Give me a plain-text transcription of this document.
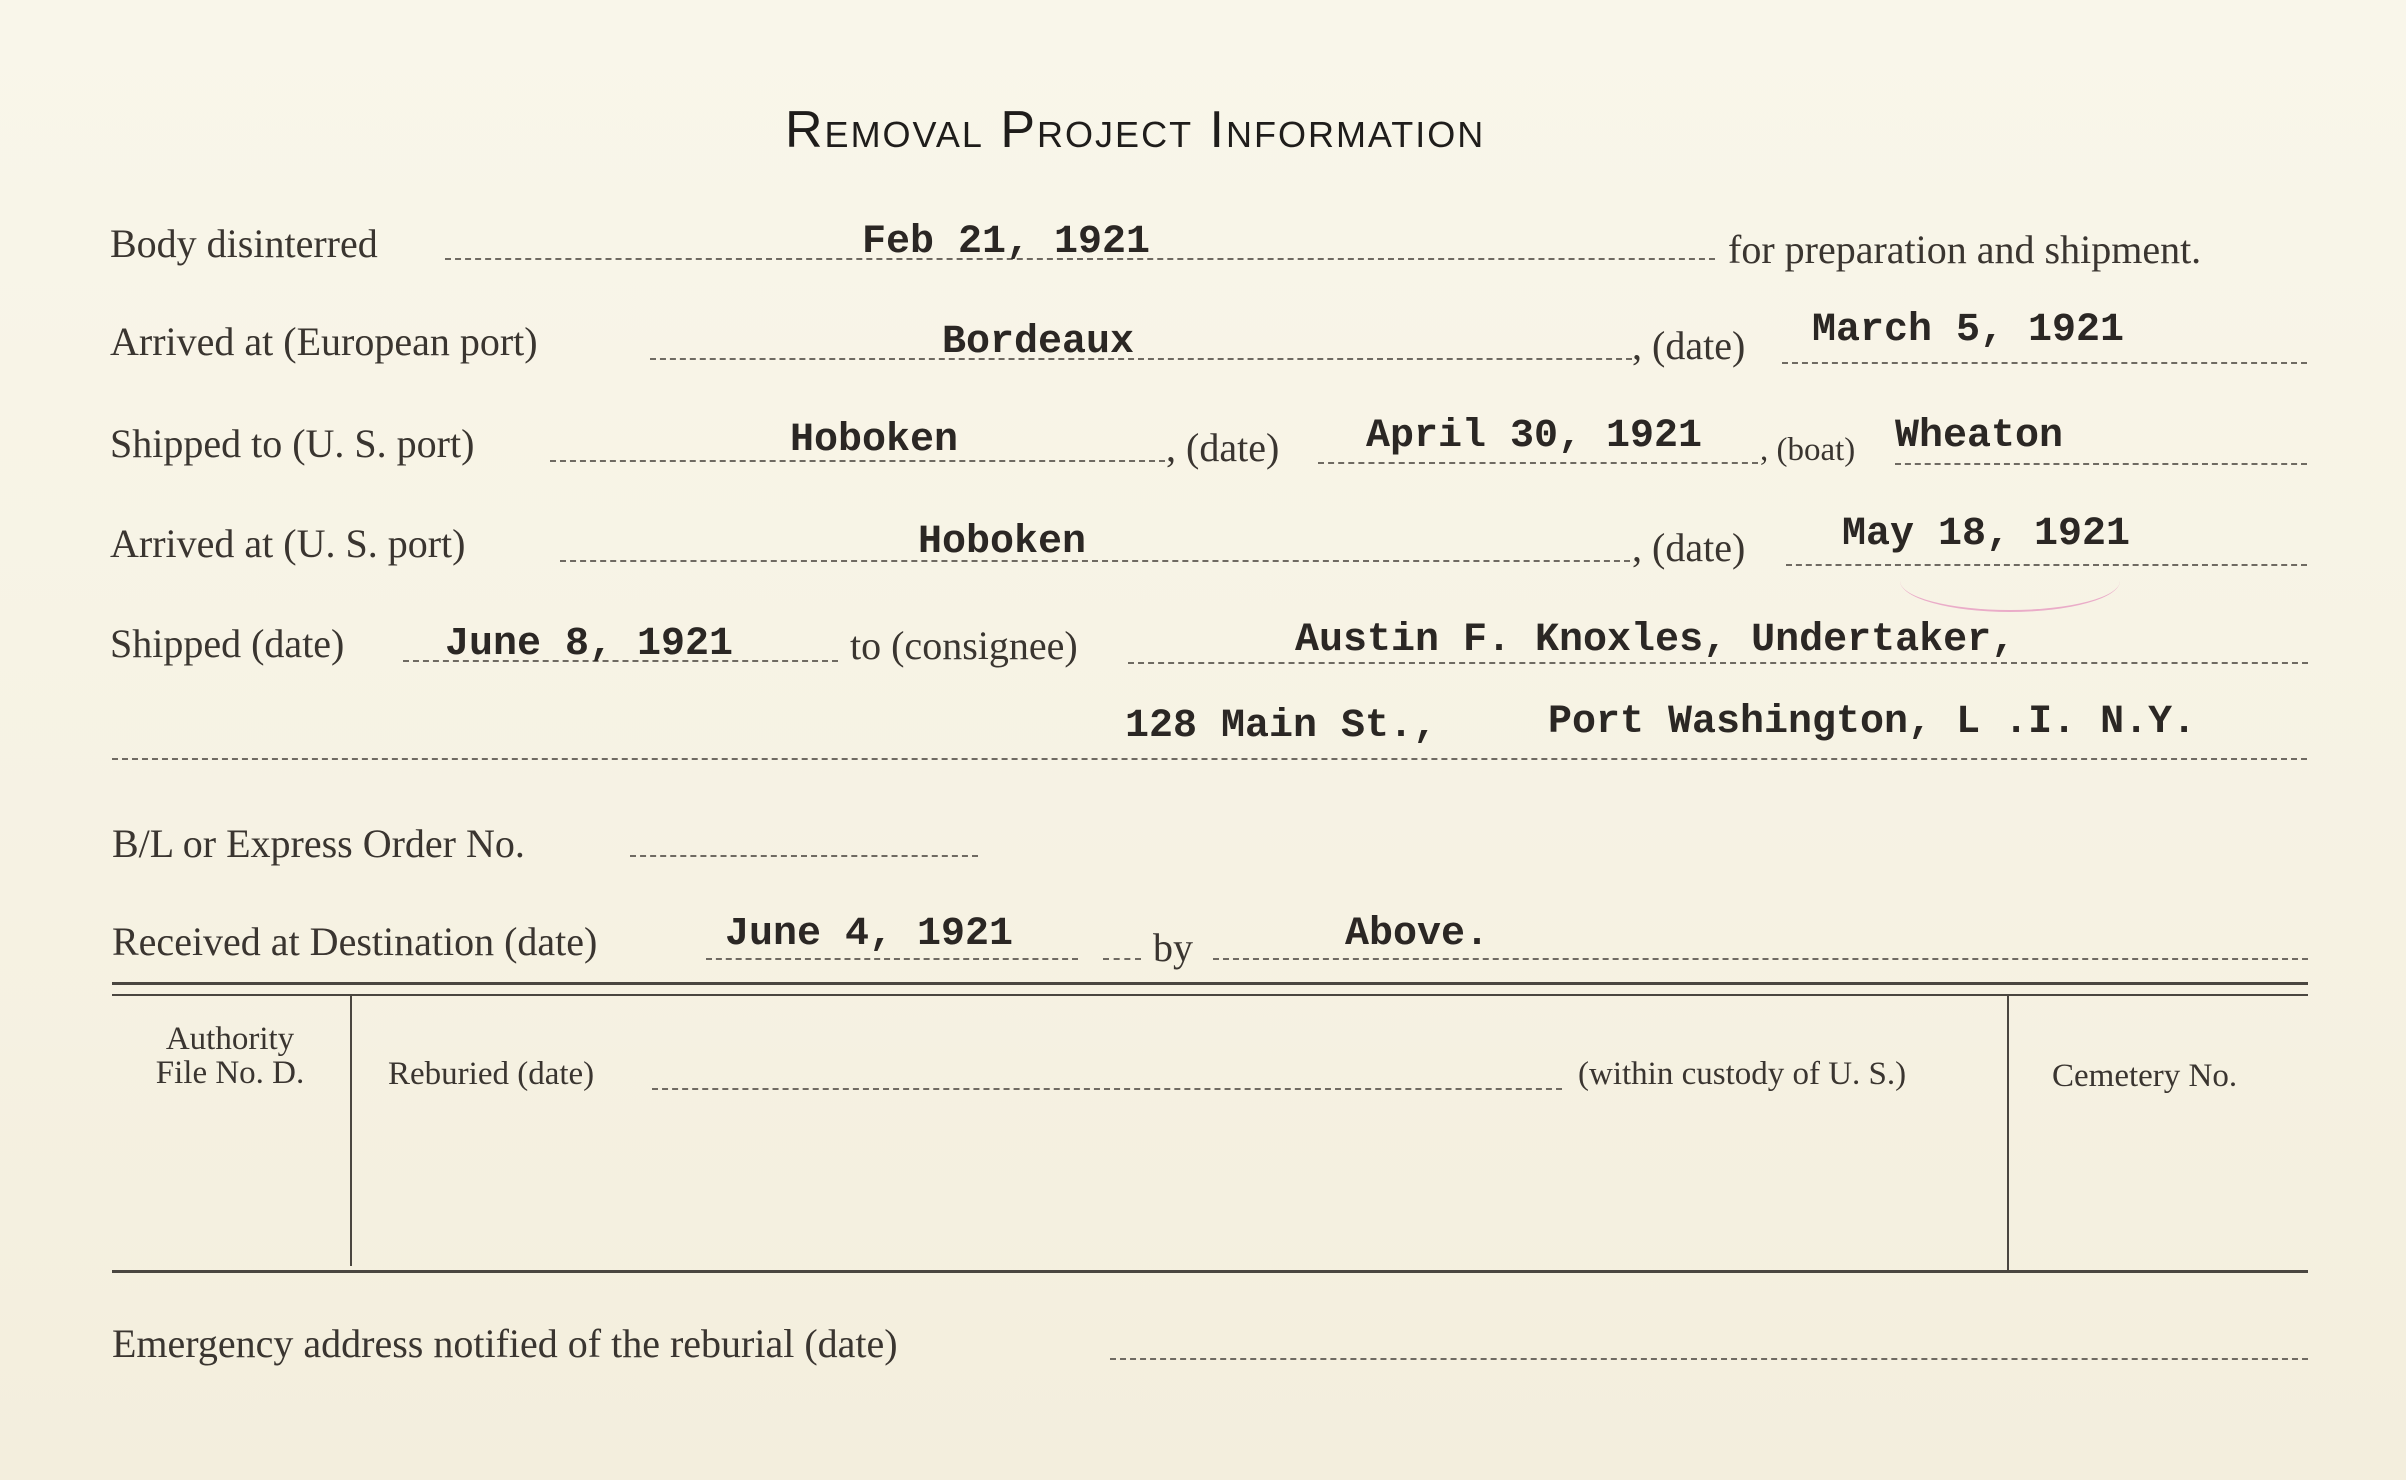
Removal Project Information
Body disinterred	Feb 21, 1921	for preparation and shipment.
Arrived at (European port)	Bordeaux	, (date) March 5, 1921
Shipped to (U. S. port)	Hoboken	, (date) April 30, 1921 , (boat) Wheaton
Arrived at (U. S. port)	Hoboken	, (date) May 18, 1921
Shipped (date)	June 8, 1921	to (consignee)	Austin F. Knoxles, Undertaker,
128 Main St.,	Port Washington, L .I. N.Y.
B/L or Express Order No.
Received at Destination (date)	June 4, 1921	by	Above.
Authority
File No. D.	Reburied (date)	(within custody of U. S.)	Cemetery No.
Emergency address notified of the reburial (date)
